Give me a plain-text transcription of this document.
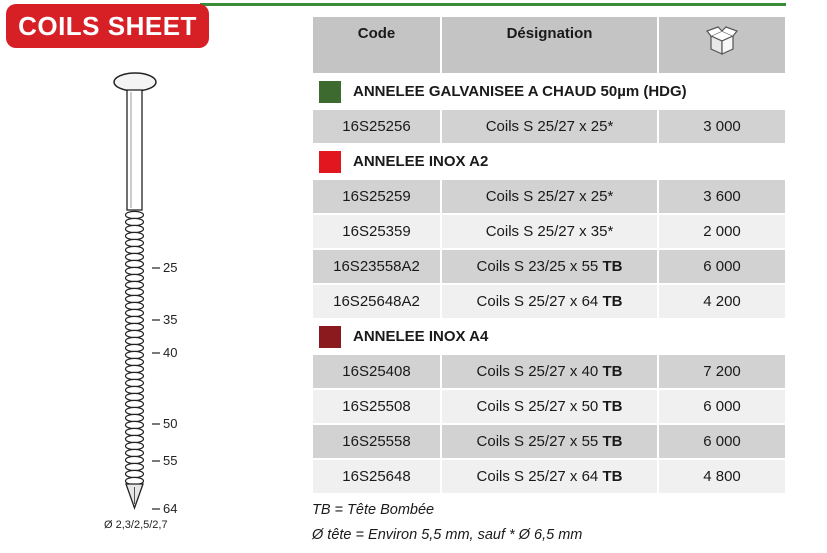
COILS SHEET
25
35
40
50
55
64
Ø 2,3/2,5/2,7
Code	Désignation	
ANNELEE GALVANISEE A CHAUD 50µm (HDG)		
16S25256	Coils S 25/27 x 25*	3 000
ANNELEE INOX A2		
16S25259	Coils S 25/27 x 25*	3 600
16S25359	Coils S 25/27 x 35*	2 000
16S23558A2	Coils S 23/25 x 55 TB	6 000
16S25648A2	Coils S 25/27 x 64 TB	4 200
ANNELEE INOX A4		
16S25408	Coils S 25/27 x 40 TB	7 200
16S25508	Coils S 25/27 x 50 TB	6 000
16S25558	Coils S 25/27 x 55 TB	6 000
16S25648	Coils S 25/27 x 64 TB	4 800
TB = Tête Bombée
Ø tête = Environ 5,5 mm, sauf * Ø 6,5 mm
